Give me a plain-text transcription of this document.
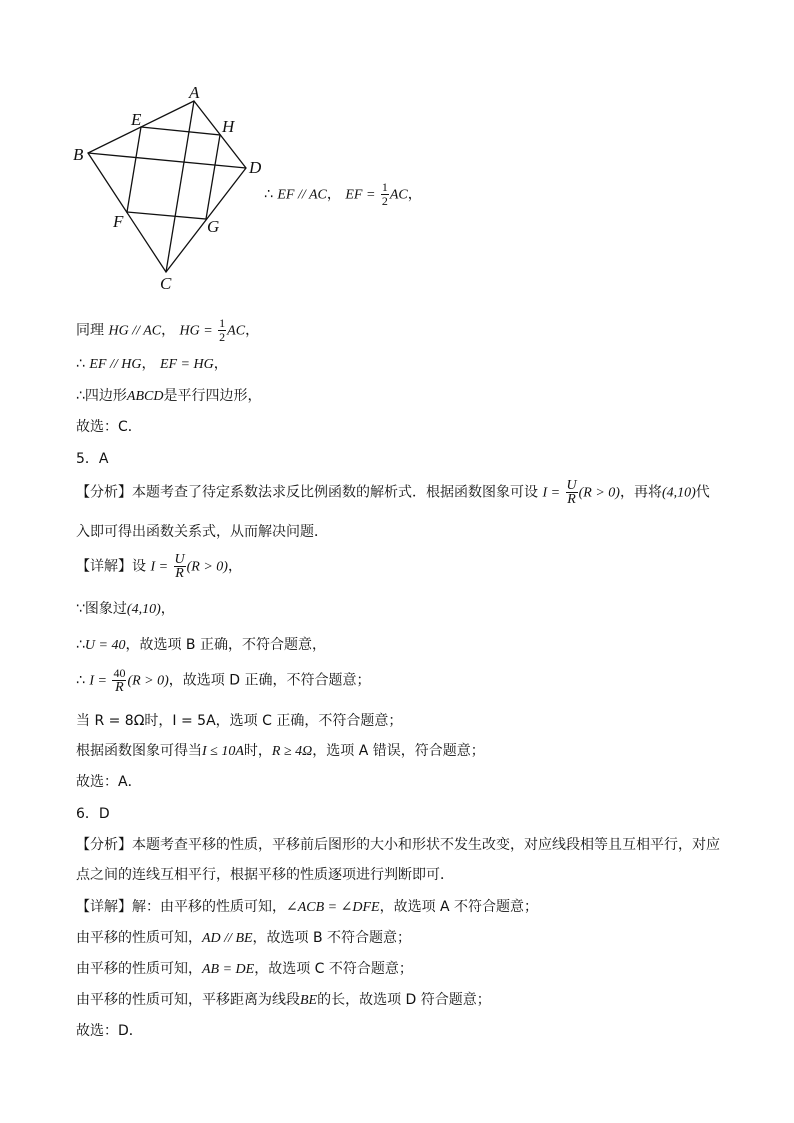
A
E	H
B
D
F	G
C
∴ EF // AC， EF = $\frac{1}{2}$ AC，
同理 HG // AC， HG = $\frac{1}{2}$ AC，
∴ EF // HG， EF = HG，
∴四边形ABCD是平行四边形，
故选：C．
5．A
【分析】本题考查了待定系数法求反比例函数的解析式．根据函数图象可设 $I = \frac{U}{R} (R > 0)$，再将(4,10)代
入即可得出函数关系式，从而解决问题．
【详解】设 $I = \frac{U}{R} (R > 0)$，
∵图象过(4,10)，
∴U = 40，故选项 B 正确，不符合题意，
∴ $I = \frac{40}{R} (R > 0)$，故选项 D 正确，不符合题意；
当 R = 8Ω时，I = 5A，选项 C 正确，不符合题意；
根据函数图象可得当I ≤ 10A时，R ≥ 4Ω，选项 A 错误，符合题意；
故选：A．
6．D
【分析】本题考查平移的性质，平移前后图形的大小和形状不发生改变，对应线段相等且互相平行，对应
点之间的连线互相平行，根据平移的性质逐项进行判断即可．
【详解】解：由平移的性质可知，∠ACB = ∠DFE，故选项 A 不符合题意；
由平移的性质可知，AD // BE，故选项 B 不符合题意；
由平移的性质可知，AB = DE，故选项 C 不符合题意；
由平移的性质可知，平移距离为线段BE的长，故选项 D 符合题意；
故选：D．
